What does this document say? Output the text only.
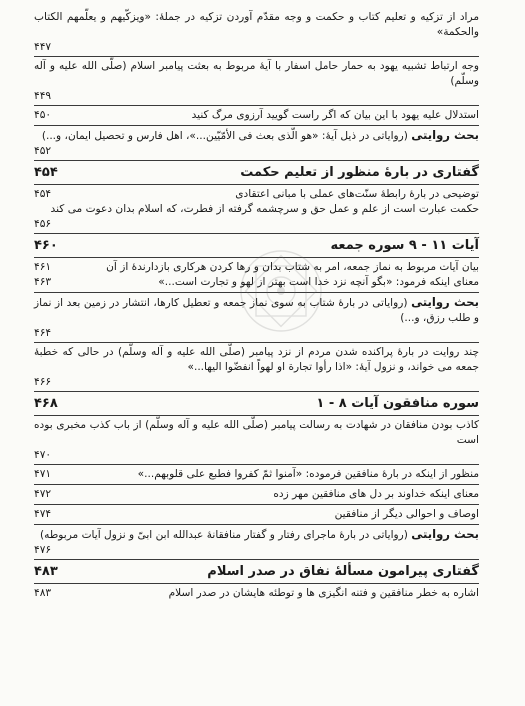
مراد از تزکیه و تعلیم کتاب و حکمت و وجه مقدّم آوردن تزکیه در جملهٔ: «ویزکّیهم و یعلّمهم الکتاب والحکمة»
۴۴۷
وجه ارتباط تشبیه یهود به حمار حامل اسفار با آیهٔ مربوط به بعثت پیامبر اسلام (صلّی الله علیه و آله وسلّم)
۴۴۹
استدلال علیه یهود با این بیان که اگر راست گویید آرزوی مرگ کنید
۴۵۰
بحث روایتی (روایاتی در ذیل آیهٔ: «هو الّذی بعث فی الأمّیّین...»، اهل فارس و تحصیل ایمان، و...)
۴۵۲
گفتاری در بارهٔ منظور از تعلیم حکمت
۴۵۴
توضیحی در بارهٔ رابطهٔ سنّت‌های عملی با مبانی اعتقادی
۴۵۴
حکمت عبارت است از علم و عمل حق و سرچشمه گرفته از فطرت، که اسلام بدان دعوت می کند
۴۵۶
آیات ۱۱ - ۹ سوره جمعه
۴۶۰
بیان آیات مربوط به نماز جمعه، امر به شتاب بدان و رها کردن هرکاری بازدارندهٔ از آن
۴۶۱
معنای اینکه فرمود: «بگو آنچه نزد خدا است بهتر از لهو و تجارت است...»
۴۶۳
بحث روایتی (روایاتی در بارهٔ شتاب به سوی نماز جمعه و تعطیل کارها، انتشار در زمین بعد از نماز و طلب رزق، و...)
۴۶۴
چند روایت در بارهٔ پراکنده شدن مردم از نزد پیامبر (صلّی الله علیه و آله وسلّم) در حالی که خطبهٔ جمعه می خواند، و نزول آیهٔ: «اذا رأوا تجارة او لهواً انفضّوا الیها...»
۴۶۶
سوره منافقون آیات ۸ - ۱
۴۶۸
کاذب بودن منافقان در شهادت به رسالت پیامبر (صلّی الله علیه و آله وسلّم) از باب کذب مخبری بوده است
۴۷۰
منظور از اینکه در بارهٔ منافقین فرموده: «آمنوا ثمّ کفروا فطبع علی قلوبهم...»
۴۷۱
معنای اینکه خداوند بر دل های منافقین مهر زده
۴۷۲
اوصاف و احوالی دیگر از منافقین
۴۷۴
بحث روایتی (روایاتی در بارهٔ ماجرای رفتار و گفتار منافقانهٔ عبدالله ابن ابیّ و نزول آیات مربوطه)
۴۷۶
گفتاری پیرامون مسألهٔ نفاق در صدر اسلام
۴۸۳
اشاره به خطر منافقین و فتنه انگیزی ها و توطئه هایشان در صدر اسلام
۴۸۳
